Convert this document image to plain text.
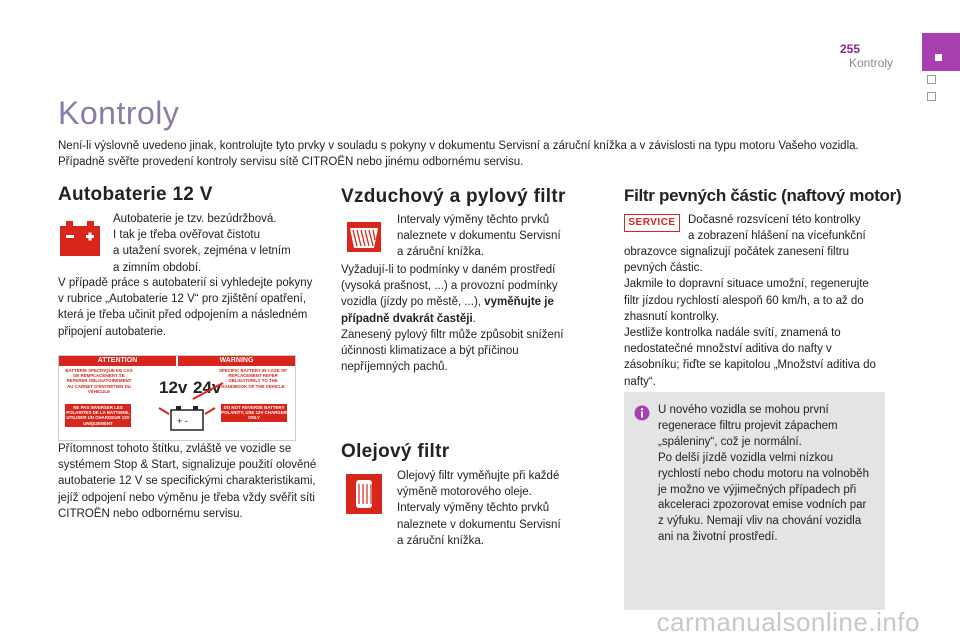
255
Kontroly
Kontroly

Není-li výslovně uvedeno jinak, kontrolujte tyto prvky v souladu s pokyny v dokumentu Servisní a záruční knížka a v závislosti na typu motoru Vašeho vozidla.

Případně svěřte provedení kontroly servisu sítě CITROËN nebo jinému odbornému servisu.

Autobaterie 12 V

Autobaterie je tzv. bezúdržbová.

I tak je třeba ověřovat čistotu

a utažení svorek, zejména v letním

a zimním období.

V případě práce s autobaterií si vyhledejte pokyny v rubrice „Autobaterie 12 V“ pro zjištění opatření, která je třeba učinit před odpojením a následném připojení autobaterie.

ATTENTION	WARNING
BATTERIE SPECIFIQUE EN CAS DE REMPLACEMENT SE REFERER OBLIGATOIREMENT AU CARNET D'ENTRETIEN DU VEHICULE
SPECIFIC BATTERY IN CASE OF REPLACEMENT REFER OBLIGATORILY TO THE HANDBOOK OF THE VEHICLE
12v 24v
+ -
NE PAS INVERSER LES POLARITES DE LA BATTERIE, UTILISER UN CHARGEUR 12V UNIQUEMENT
DO NOT REVERSE BATTERY POLARITY, USE 12V CHARGER ONLY

Přítomnost tohoto štítku, zvláště ve vozidle se systémem Stop & Start, signalizuje použití olověné autobaterie 12 V se specifickými charakteristikami, jejíž odpojení nebo výměnu je třeba vždy svěřit síti CITROËN nebo odbornému servisu.

Vzduchový a pylový filtr

Intervaly výměny těchto prvků

naleznete v dokumentu Servisní

a záruční knížka.

Vyžadují-li to podmínky v daném prostředí (vysoká prašnost, ...) a provozní podmínky vozidla (jízdy po městě, ...), vyměňujte je případně dvakrát častěji.

Zanesený pylový filtr může způsobit snížení účinnosti klimatizace a být příčinou nepříjemných pachů.

Olejový filtr

Olejový filtr vyměňujte při každé

výměně motorového oleje.

Intervaly výměny těchto prvků

naleznete v dokumentu Servisní

a záruční knížka.

Filtr pevných částic (naftový motor)
SERVICE	Dočasné rozsvícení této kontrolky

a zobrazení hlášení na vícefunkční

obrazovce signalizují počátek zanesení filtru pevných částic.

Jakmile to dopravní situace umožní, regenerujte filtr jízdou rychlostí alespoň 60 km/h, a to až do zhasnutí kontrolky.

Jestliže kontrolka nadále svítí, znamená to nedostatečné množství aditiva do nafty v zásobníku; řiďte se kapitolou „Množství aditiva do nafty“.

U nového vozidla se mohou první regenerace filtru projevit zápachem „spáleniny“, což je normální.

Po delší jízdě vozidla velmi nízkou rychlostí nebo chodu motoru na volnoběh je možno ve výjimečných případech při akceleraci zpozorovat emise vodních par z výfuku. Nemají vliv na chování vozidla ani na životní prostředí.

carmanualsonline.info
